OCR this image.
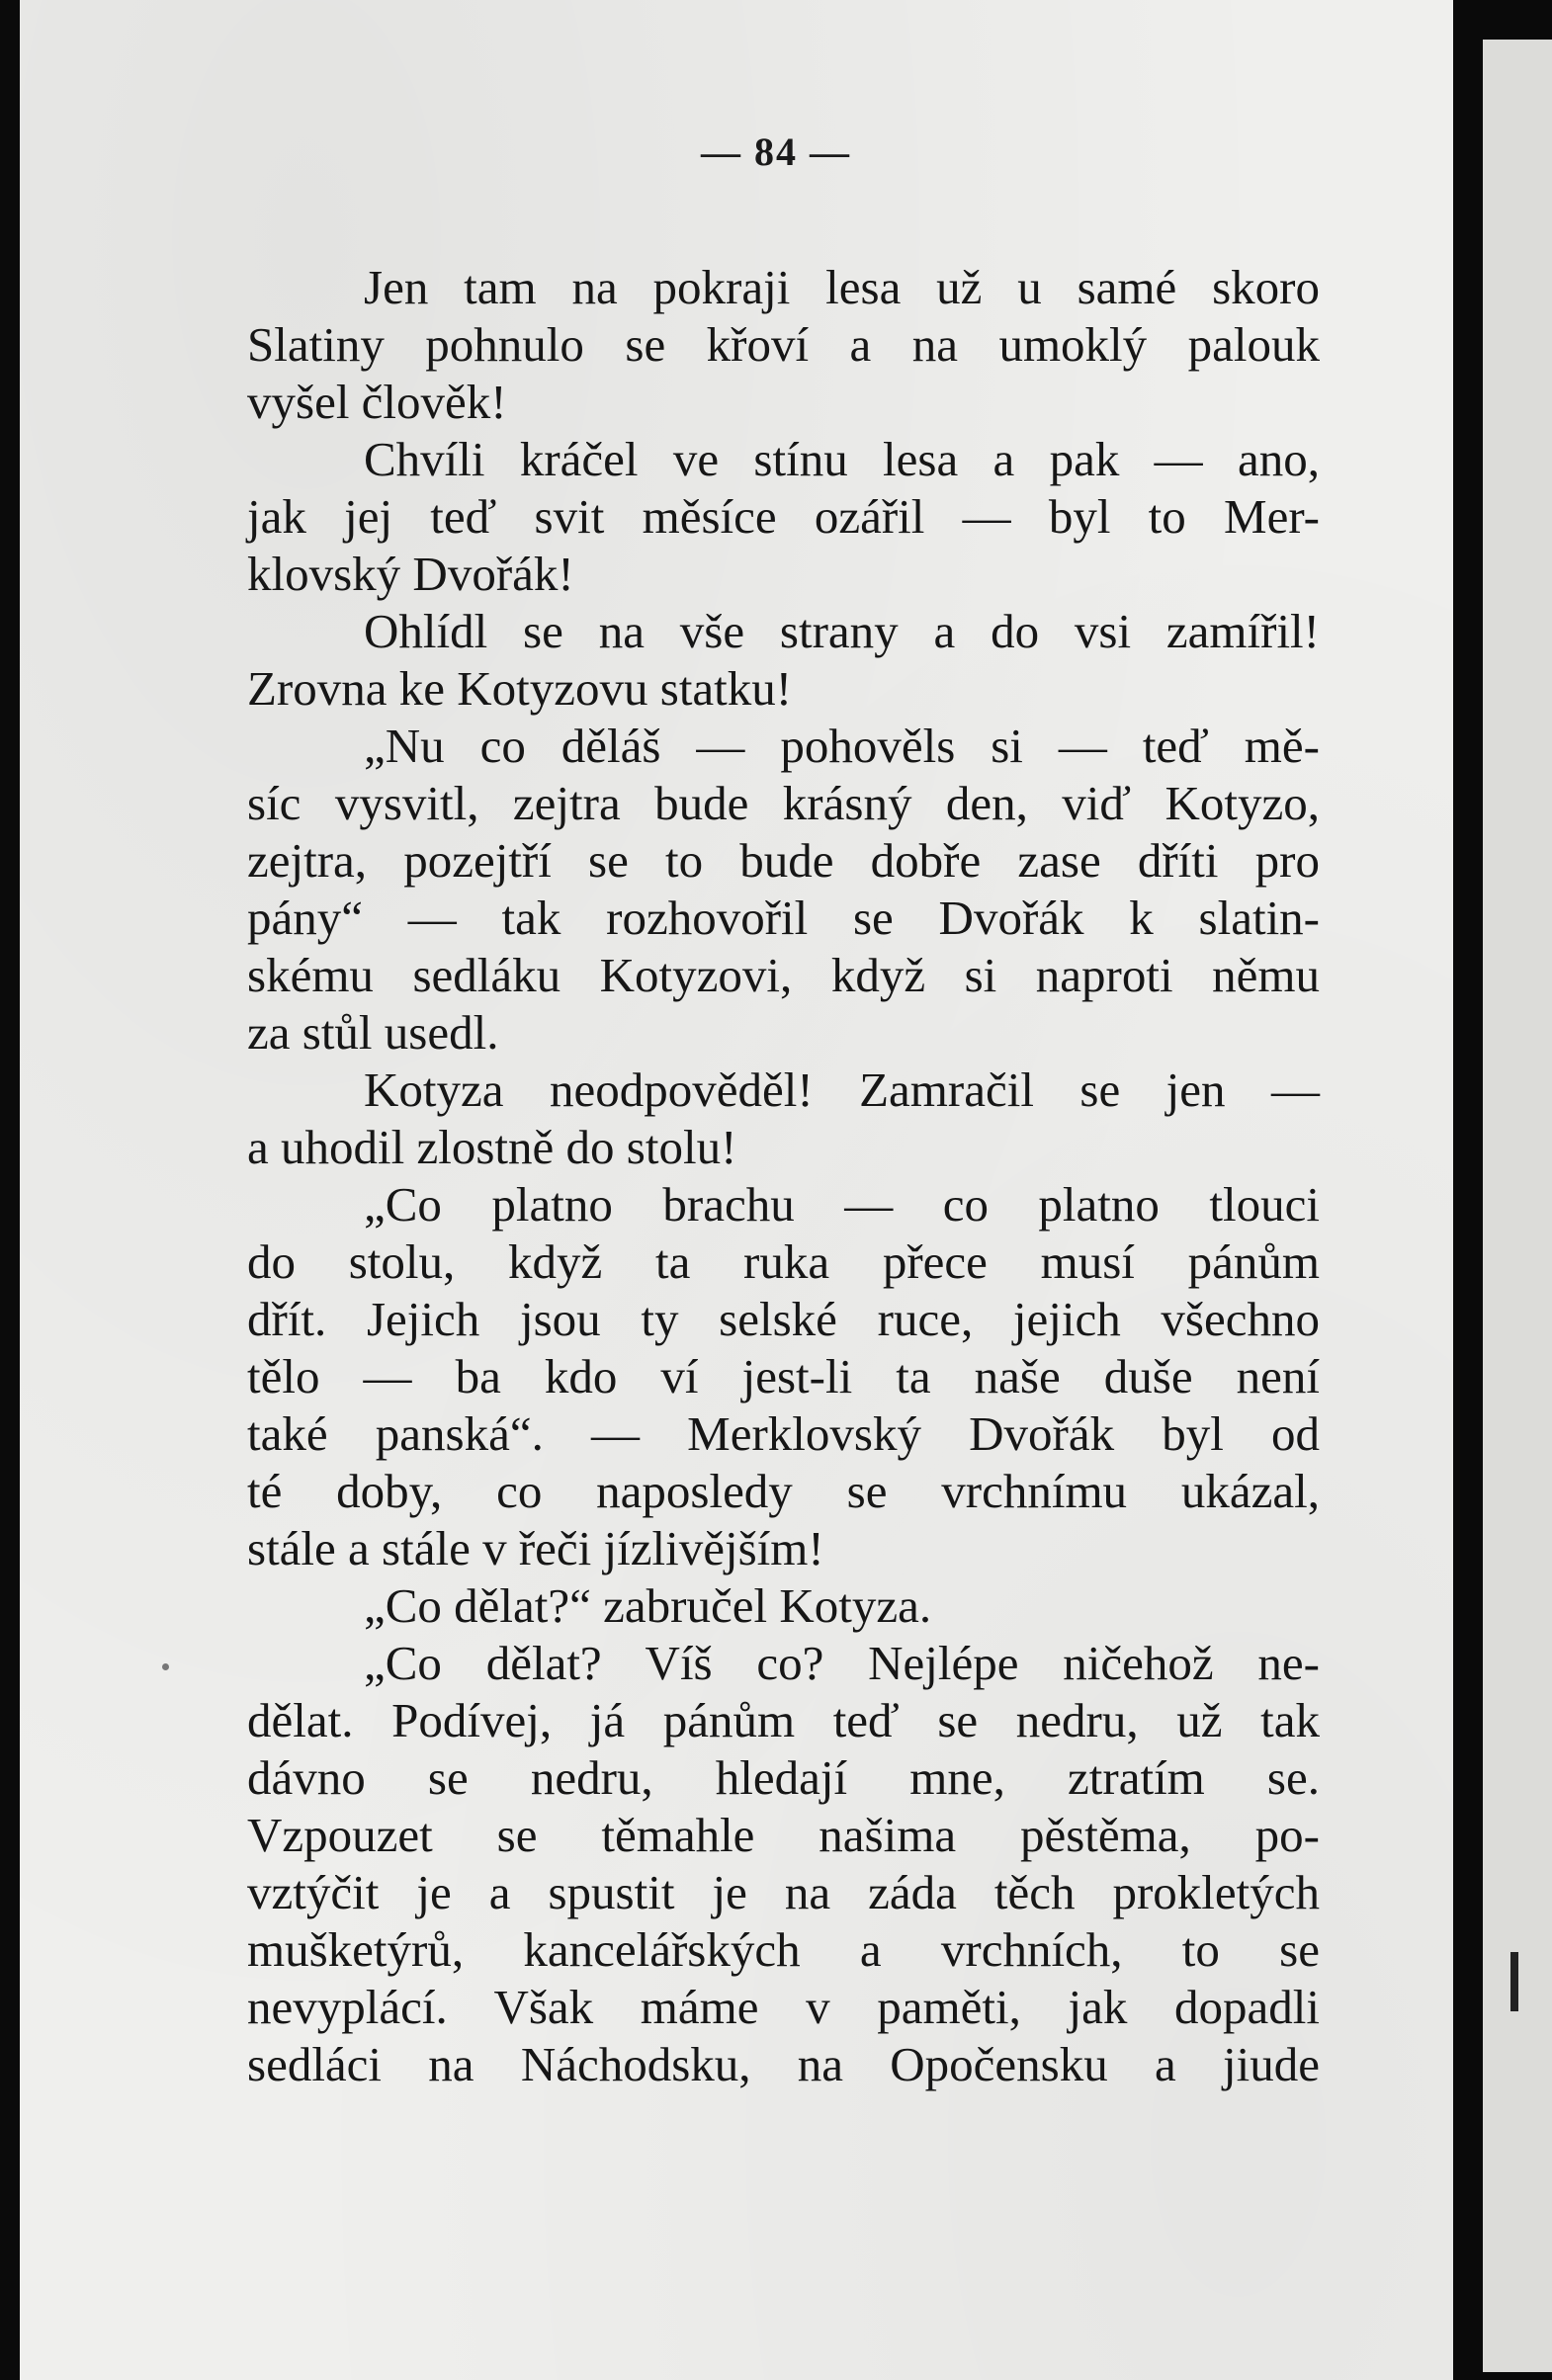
— 84 —
Jen tam na pokraji lesa už u samé skoro
Slatiny pohnulo se křoví a na umoklý palouk
vyšel člověk!
Chvíli kráčel ve stínu lesa a pak — ano,
jak jej teď svit měsíce ozářil — byl to Mer-
klovský Dvořák!
Ohlídl se na vše strany a do vsi zamířil!
Zrovna ke Kotyzovu statku!
„Nu co děláš — pohověls si — teď mě-
síc vysvitl, zejtra bude krásný den, viď Kotyzo,
zejtra, pozejtří se to bude dobře zase dříti pro
pány“ — tak rozhovořil se Dvořák k slatin-
skému sedláku Kotyzovi, když si naproti němu
za stůl usedl.
Kotyza neodpověděl! Zamračil se jen —
a uhodil zlostně do stolu!
„Co platno brachu — co platno tlouci
do stolu, když ta ruka přece musí pánům
dřít. Jejich jsou ty selské ruce, jejich všechno
tělo — ba kdo ví jest-li ta naše duše není
také panská“. — Merklovský Dvořák byl od
té doby, co naposledy se vrchnímu ukázal,
stále a stále v řeči jízlivějším!
„Co dělat?“ zabručel Kotyza.
„Co dělat? Víš co? Nejlépe ničehož ne-
dělat. Podívej, já pánům teď se nedru, už tak
dávno se nedru, hledají mne, ztratím se.
Vzpouzet se těmahle našima pěstěma, po-
vztýčit je a spustit je na záda těch prokletých
mušketýrů, kancelářských a vrchních, to se
nevyplácí. Však máme v paměti, jak dopadli
sedláci na Náchodsku, na Opočensku a jiude
